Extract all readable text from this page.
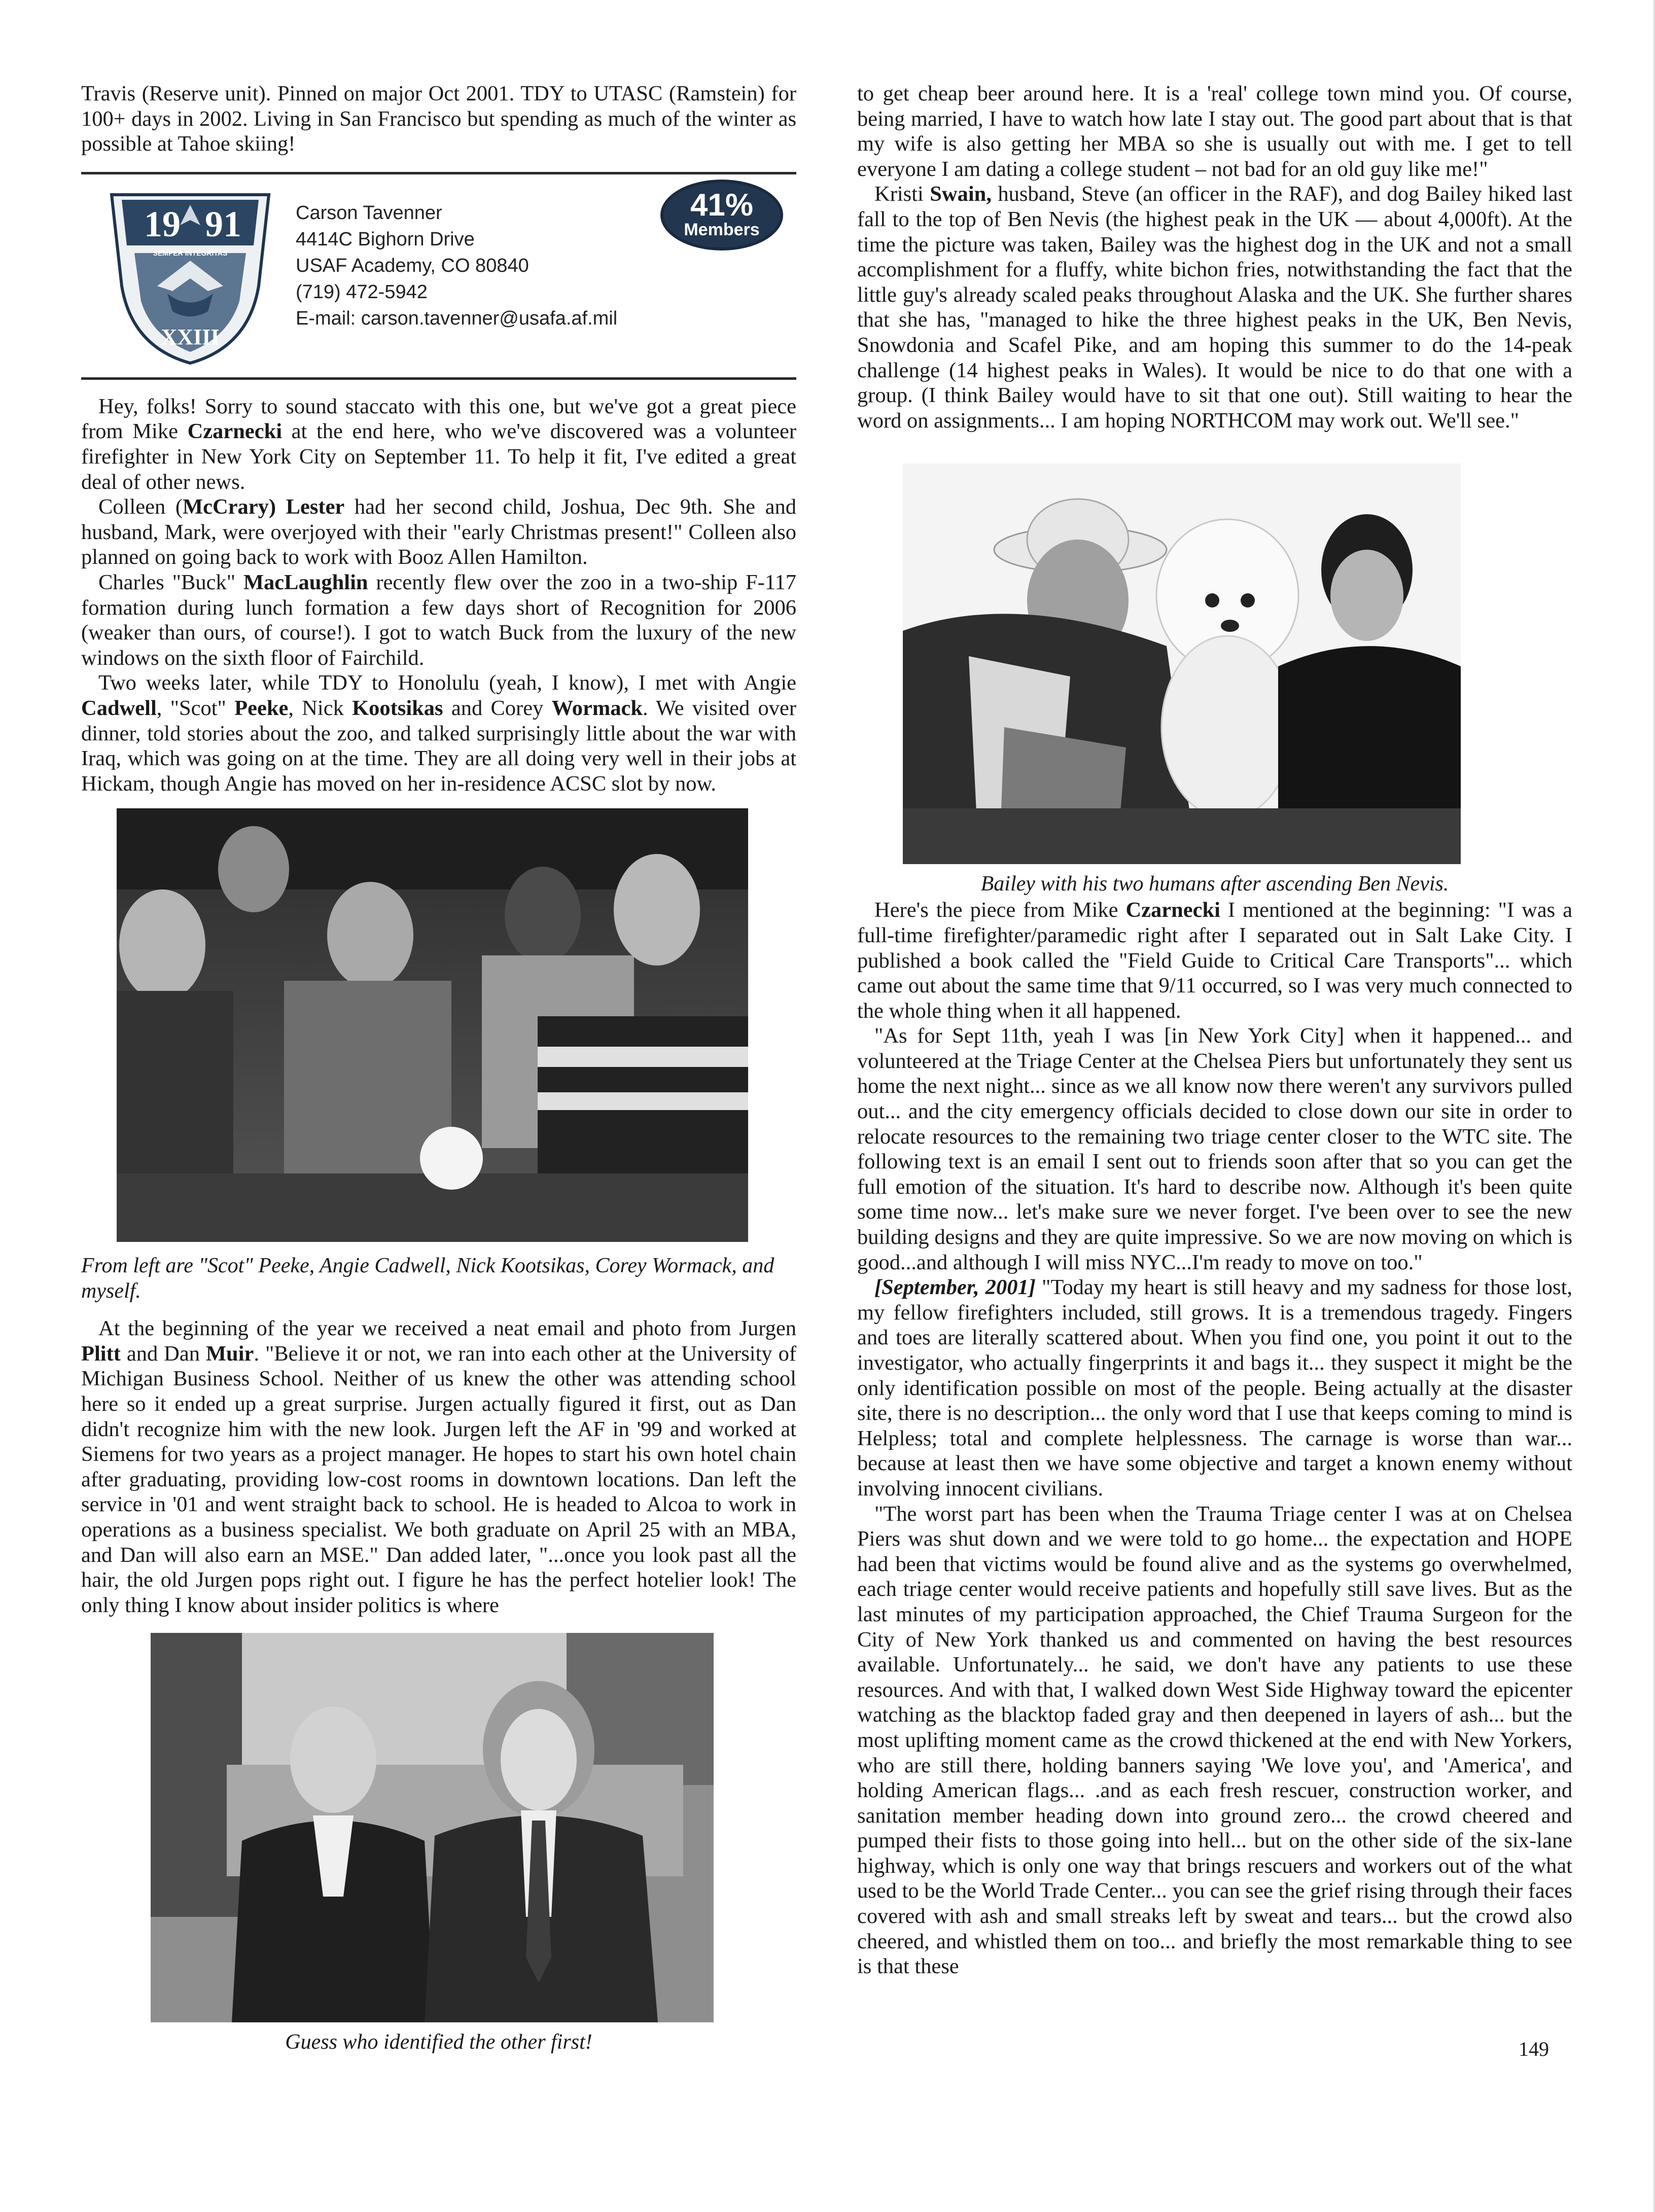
Travis (Reserve unit). Pinned on major Oct 2001. TDY to UTASC (Ramstein) for 100+ days in 2002. Living in San Francisco but spending as much of the winter as possible at Tahoe skiing!

19 91
SEMPER INTEGRITAS
XXIII
Carson Tavenner
4414C Bighorn Drive
USAF Academy, CO 80840
(719) 472-5942
E-mail: carson.tavenner@usafa.af.mil
41%
Members

Hey, folks! Sorry to sound staccato with this one, but we've got a great piece from Mike Czarnecki at the end here, who we've discovered was a volunteer firefighter in New York City on September 11. To help it fit, I've edited a great deal of other news.

Colleen (McCrary) Lester had her second child, Joshua, Dec 9th. She and husband, Mark, were overjoyed with their "early Christmas present!" Colleen also planned on going back to work with Booz Allen Hamilton.

Charles "Buck" MacLaughlin recently flew over the zoo in a two-ship F-117 formation during lunch formation a few days short of Recognition for 2006 (weaker than ours, of course!). I got to watch Buck from the luxury of the new windows on the sixth floor of Fairchild.

Two weeks later, while TDY to Honolulu (yeah, I know), I met with Angie Cadwell, "Scot" Peeke, Nick Kootsikas and Corey Wormack. We visited over dinner, told stories about the zoo, and talked surprisingly little about the war with Iraq, which was going on at the time. They are all doing very well in their jobs at Hickam, though Angie has moved on her in-residence ACSC slot by now.

From left are "Scot" Peeke, Angie Cadwell, Nick Kootsikas, Corey Wormack, and myself.

At the beginning of the year we received a neat email and photo from Jurgen Plitt and Dan Muir. "Believe it or not, we ran into each other at the University of Michigan Business School. Neither of us knew the other was attending school here so it ended up a great surprise. Jurgen actually figured it first, out as Dan didn't recognize him with the new look. Jurgen left the AF in '99 and worked at Siemens for two years as a project manager. He hopes to start his own hotel chain after graduating, providing low-cost rooms in downtown locations. Dan left the service in '01 and went straight back to school. He is headed to Alcoa to work in operations as a business specialist. We both graduate on April 25 with an MBA, and Dan will also earn an MSE." Dan added later, "...once you look past all the hair, the old Jurgen pops right out. I figure he has the perfect hotelier look! The only thing I know about insider politics is where

Guess who identified the other first!

to get cheap beer around here. It is a 'real' college town mind you. Of course, being married, I have to watch how late I stay out. The good part about that is that my wife is also getting her MBA so she is usually out with me. I get to tell everyone I am dating a college student – not bad for an old guy like me!"

Kristi Swain, husband, Steve (an officer in the RAF), and dog Bailey hiked last fall to the top of Ben Nevis (the highest peak in the UK — about 4,000ft). At the time the picture was taken, Bailey was the highest dog in the UK and not a small accomplishment for a fluffy, white bichon fries, notwithstanding the fact that the little guy's already scaled peaks throughout Alaska and the UK. She further shares that she has, "managed to hike the three highest peaks in the UK, Ben Nevis, Snowdonia and Scafel Pike, and am hoping this summer to do the 14-peak challenge (14 highest peaks in Wales). It would be nice to do that one with a group. (I think Bailey would have to sit that one out). Still waiting to hear the word on assignments... I am hoping NORTHCOM may work out. We'll see."

Bailey with his two humans after ascending Ben Nevis.

Here's the piece from Mike Czarnecki I mentioned at the beginning: "I was a full-time firefighter/paramedic right after I separated out in Salt Lake City. I published a book called the "Field Guide to Critical Care Transports"... which came out about the same time that 9/11 occurred, so I was very much connected to the whole thing when it all happened.

"As for Sept 11th, yeah I was [in New York City] when it happened... and volunteered at the Triage Center at the Chelsea Piers but unfortunately they sent us home the next night... since as we all know now there weren't any survivors pulled out... and the city emergency officials decided to close down our site in order to relocate resources to the remaining two triage center closer to the WTC site. The following text is an email I sent out to friends soon after that so you can get the full emotion of the situation. It's hard to describe now. Although it's been quite some time now... let's make sure we never forget. I've been over to see the new building designs and they are quite impressive. So we are now moving on which is good...and although I will miss NYC...I'm ready to move on too."

[September, 2001] "Today my heart is still heavy and my sadness for those lost, my fellow firefighters included, still grows. It is a tremendous tragedy. Fingers and toes are literally scattered about. When you find one, you point it out to the investigator, who actually fingerprints it and bags it... they suspect it might be the only identification possible on most of the people. Being actually at the disaster site, there is no description... the only word that I use that keeps coming to mind is Helpless; total and complete helplessness. The carnage is worse than war... because at least then we have some objective and target a known enemy without involving innocent civilians.

"The worst part has been when the Trauma Triage center I was at on Chelsea Piers was shut down and we were told to go home... the expectation and HOPE had been that victims would be found alive and as the systems go overwhelmed, each triage center would receive patients and hopefully still save lives. But as the last minutes of my participation approached, the Chief Trauma Surgeon for the City of New York thanked us and commented on having the best resources available. Unfortunately... he said, we don't have any patients to use these resources. And with that, I walked down West Side Highway toward the epicenter watching as the blacktop faded gray and then deepened in layers of ash... but the most uplifting moment came as the crowd thickened at the end with New Yorkers, who are still there, holding banners saying 'We love you', and 'America', and holding American flags... .and as each fresh rescuer, construction worker, and sanitation member heading down into ground zero... the crowd cheered and pumped their fists to those going into hell... but on the other side of the six-lane highway, which is only one way that brings rescuers and workers out of the what used to be the World Trade Center... you can see the grief rising through their faces covered with ash and small streaks left by sweat and tears... but the crowd also cheered, and whistled them on too... and briefly the most remarkable thing to see is that these

149
